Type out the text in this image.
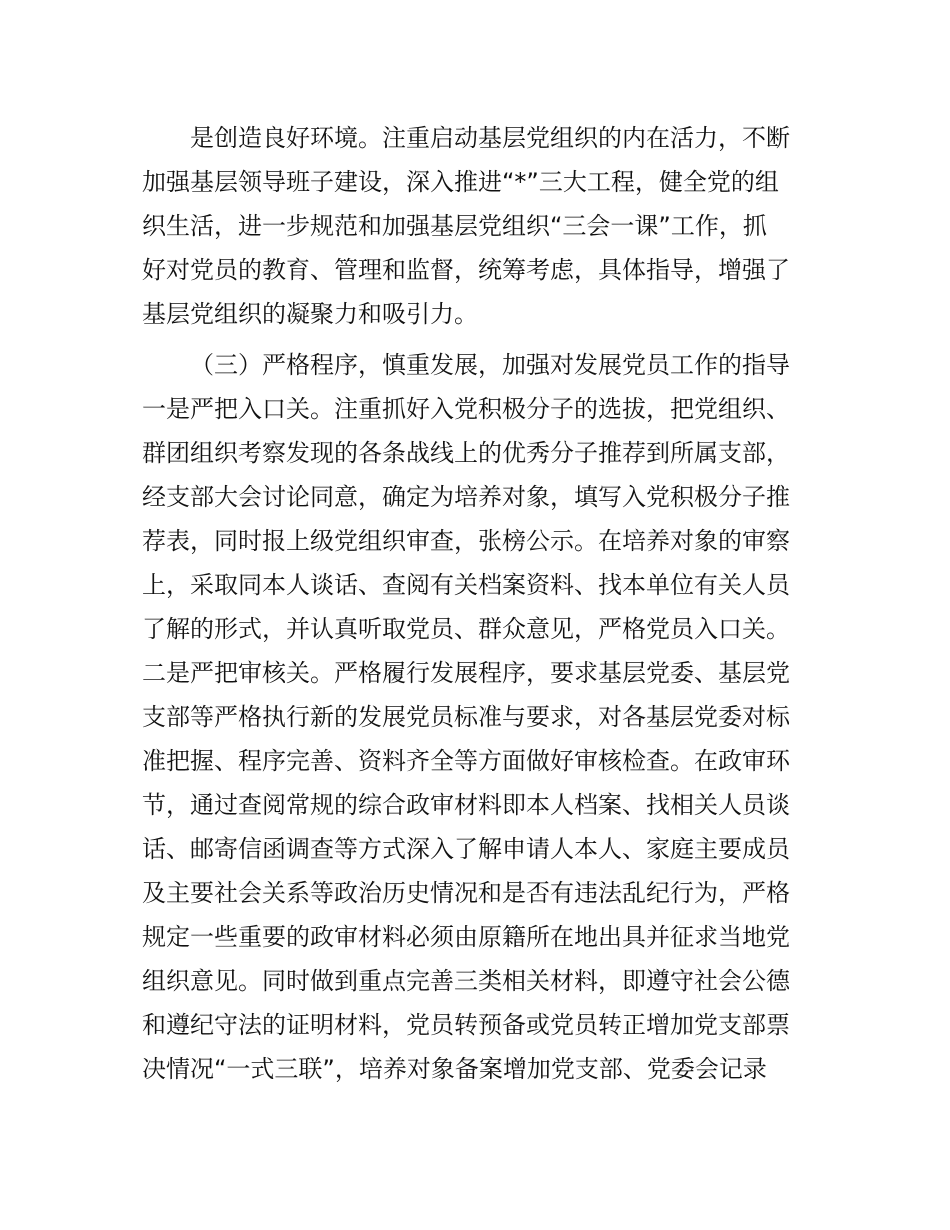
是创造良好环境。注重启动基层党组织的内在活力，不断

加强基层领导班子建设，深入推进“*”三大工程，健全党的组

织生活，进一步规范和加强基层党组织“三会一课”工作，抓

好对党员的教育、管理和监督，统筹考虑，具体指导，增强了

基层党组织的凝聚力和吸引力。

（三）严格程序，慎重发展，加强对发展党员工作的指导

一是严把入口关。注重抓好入党积极分子的选拔，把党组织、

群团组织考察发现的各条战线上的优秀分子推荐到所属支部，

经支部大会讨论同意，确定为培养对象，填写入党积极分子推

荐表，同时报上级党组织审查，张榜公示。在培养对象的审察

上，采取同本人谈话、查阅有关档案资料、找本单位有关人员

了解的形式，并认真听取党员、群众意见，严格党员入口关。

二是严把审核关。严格履行发展程序，要求基层党委、基层党

支部等严格执行新的发展党员标准与要求，对各基层党委对标

准把握、程序完善、资料齐全等方面做好审核检查。在政审环

节，通过查阅常规的综合政审材料即本人档案、找相关人员谈

话、邮寄信函调查等方式深入了解申请人本人、家庭主要成员

及主要社会关系等政治历史情况和是否有违法乱纪行为，严格

规定一些重要的政审材料必须由原籍所在地出具并征求当地党

组织意见。同时做到重点完善三类相关材料，即遵守社会公德

和遵纪守法的证明材料，党员转预备或党员转正增加党支部票

决情况“一式三联”，培养对象备案增加党支部、党委会记录
